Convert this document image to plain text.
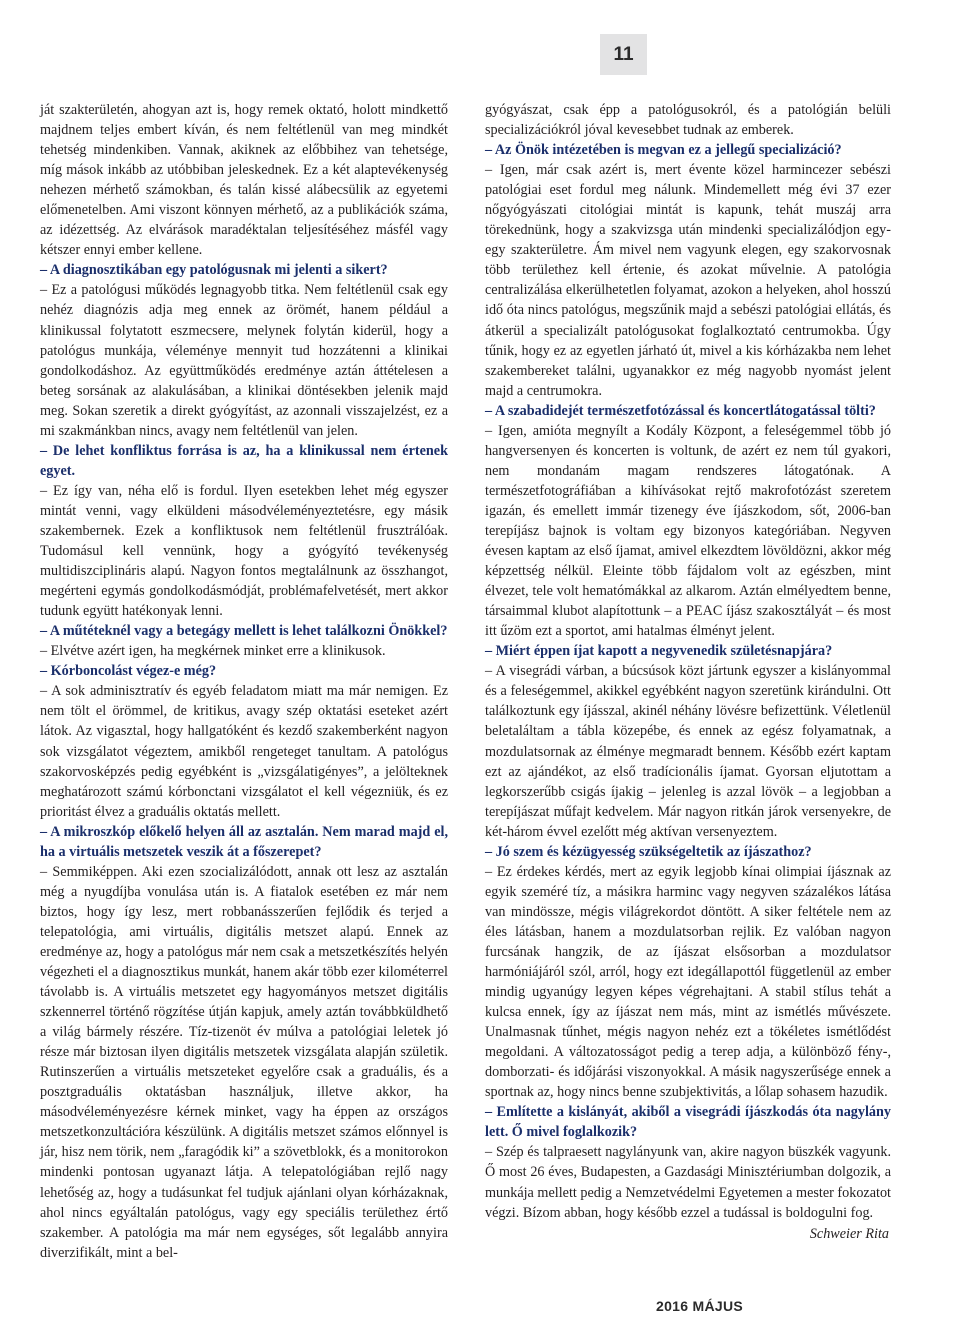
11

ját szakterületén, ahogyan azt is, hogy remek oktató, holott mindkettő majdnem teljes embert kíván, és nem feltétlenül van meg mindkét tehetség mindenkiben. Vannak, akiknek az előbbihez van tehetsége, míg mások inkább az utóbbiban jeleskednek. Ez a két alaptevékenység nehezen mérhető számokban, és talán kissé alábecsülik az egyetemi előmenetelben. Ami viszont könnyen mérhető, az a publikációk száma, az idézettség. Az elvárások maradéktalan teljesítéséhez másfél vagy kétszer ennyi ember kellene.

– A diagnosztikában egy patológusnak mi jelenti a sikert?

– Ez a patológusi működés legnagyobb titka. Nem feltétlenül csak egy nehéz diagnózis adja meg ennek az örömét, hanem például a klinikussal folytatott eszmecsere, melynek folytán kiderül, hogy a patológus munkája, véleménye mennyit tud hozzátenni a klinikai gondolkodáshoz. Az együttműködés eredménye aztán áttételesen a beteg sorsának az alakulásában, a klinikai döntésekben jelenik majd meg. Sokan szeretik a direkt gyógyítást, az azonnali visszajelzést, ez a mi szakmánkban nincs, avagy nem feltétlenül van jelen.

– De lehet konfliktus forrása is az, ha a klinikussal nem értenek egyet.

– Ez így van, néha elő is fordul. Ilyen esetekben lehet még egyszer mintát venni, vagy elküldeni másodvéleményeztetésre, egy másik szakembernek. Ezek a konfliktusok nem feltétlenül frusztrálóak. Tudomásul kell vennünk, hogy a gyógyító tevékenység multidiszciplináris alapú. Nagyon fontos megtalálnunk az összhangot, megérteni egymás gondolkodásmódját, problémafelvetését, mert akkor tudunk együtt hatékonyak lenni.

– A műtéteknél vagy a betegágy mellett is lehet találkozni Önökkel?

– Elvétve azért igen, ha megkérnek minket erre a klinikusok.

– Kórboncolást végez-e még?

– A sok adminisztratív és egyéb feladatom miatt ma már nemigen. Ez nem tölt el örömmel, de kritikus, avagy szép oktatási eseteket azért látok. Az vigasztal, hogy hallgatóként és kezdő szakemberként nagyon sok vizsgálatot végeztem, amikből rengeteget tanultam. A patológus szakorvosképzés pedig egyébként is „vizsgálatigényes”, a jelölteknek meghatározott számú kórbonctani vizsgálatot el kell végezniük, és ez prioritást élvez a graduális oktatás mellett.

– A mikroszkóp előkelő helyen áll az asztalán. Nem marad majd el, ha a virtuális metszetek veszik át a főszerepet?

– Semmiképpen. Aki ezen szocializálódott, annak ott lesz az asztalán még a nyugdíjba vonulása után is. A fiatalok esetében ez már nem biztos, hogy így lesz, mert robbanásszerűen fejlődik és terjed a telepatológia, ami virtuális, digitális metszet alapú. Ennek az eredménye az, hogy a patológus már nem csak a metszetkészítés helyén végezheti el a diagnosztikus munkát, hanem akár több ezer kilométerrel távolabb is. A virtuális metszetet egy hagyományos metszet digitális szkennerrel történő rögzítése útján kapjuk, amely aztán továbbküldhető a világ bármely részére. Tíz-tizenöt év múlva a patológiai leletek jó része már biztosan ilyen digitális metszetek vizsgálata alapján születik. Rutinszerűen a virtuális metszeteket egyelőre csak a graduális, és a posztgraduális oktatásban használjuk, illetve akkor, ha másodvéleményezésre kérnek minket, vagy ha éppen az országos metszetkonzultációra készülünk. A digitális metszet számos előnnyel is jár, hisz nem törik, nem „faragódik ki” a szövetblokk, és a monitorokon mindenki pontosan ugyanazt látja. A telepatológiában rejlő nagy lehetőség az, hogy a tudásunkat fel tudjuk ajánlani olyan kórházaknak, ahol nincs egyáltalán patológus, vagy egy speciális területhez értő szakember. A patológia ma már nem egységes, sőt legalább annyira diverzifikált, mint a bel-

gyógyászat, csak épp a patológusokról, és a patológián belüli specializációkról jóval kevesebbet tudnak az emberek.

– Az Önök intézetében is megvan ez a jellegű specializáció?

– Igen, már csak azért is, mert évente közel harmincezer sebészi patológiai eset fordul meg nálunk. Mindemellett még évi 37 ezer nőgyógyászati citológiai mintát is kapunk, tehát muszáj arra törekednünk, hogy a szakvizsga után mindenki specializálódjon egy-egy szakterületre. Ám mivel nem vagyunk elegen, egy szakorvosnak több területhez kell értenie, és azokat művelnie. A patológia centralizálása elkerülhetetlen folyamat, azokon a helyeken, ahol hosszú idő óta nincs patológus, megszűnik majd a sebészi patológiai ellátás, és átkerül a specializált patológusokat foglalkoztató centrumokba. Úgy tűnik, hogy ez az egyetlen járható út, mivel a kis kórházakba nem lehet szakembereket találni, ugyanakkor ez még nagyobb nyomást jelent majd a centrumokra.

– A szabadidejét természetfotózással és koncertlátogatással tölti?

– Igen, amióta megnyílt a Kodály Központ, a feleségemmel több jó hangversenyen és koncerten is voltunk, de azért ez nem túl gyakori, nem mondanám magam rendszeres látogatónak. A természetfotográfiában a kihívásokat rejtő makrofotózást szeretem igazán, és emellett immár tizenegy éve íjászkodom, sőt, 2006-ban terepíjász bajnok is voltam egy bizonyos kategóriában. Negyven évesen kaptam az első íjamat, amivel elkezdtem lövöldözni, akkor még képzettség nélkül. Eleinte több fájdalom volt az egészben, mint élvezet, tele volt hematómákkal az alkarom. Aztán elmélyedtem benne, társaimmal klubot alapítottunk – a PEAC íjász szakosztályát – és most itt űzöm ezt a sportot, ami hatalmas élményt jelent.

– Miért éppen íjat kapott a negyvenedik születésnapjára?

– A visegrádi várban, a búcsúsok közt jártunk egyszer a kislányommal és a feleségemmel, akikkel egyébként nagyon szeretünk kirándulni. Ott találkoztunk egy íjásszal, akinél néhány lövésre befizettünk. Véletlenül beletaláltam a tábla közepébe, és ennek az egész folyamatnak, a mozdulatsornak az élménye megmaradt bennem. Később ezért kaptam ezt az ajándékot, az első tradícionális íjamat. Gyorsan eljutottam a legkorszerűbb csigás íjakig – jelenleg is azzal lövök – a legjobban a terepíjászat műfajt kedvelem. Már nagyon ritkán járok versenyekre, de két-három évvel ezelőtt még aktívan versenyeztem.

– Jó szem és kézügyesség szükségeltetik az íjászathoz?

– Ez érdekes kérdés, mert az egyik legjobb kínai olimpiai íjásznak az egyik szeméré tíz, a másikra harminc vagy negyven százalékos látása van mindössze, mégis világrekordot döntött. A siker feltétele nem az éles látásban, hanem a mozdulatsorban rejlik. Ez valóban nagyon furcsának hangzik, de az íjászat elsősorban a mozdulatsor harmóniájáról szól, arról, hogy ezt idegállapottól függetlenül az ember mindig ugyanúgy legyen képes végrehajtani. A stabil stílus tehát a kulcsa ennek, így az íjászat nem más, mint az ismétlés művészete. Unalmasnak tűnhet, mégis nagyon nehéz ezt a tökéletes ismétlődést megoldani. A változatosságot pedig a terep adja, a különböző fény-, domborzati- és időjárási viszonyokkal. A másik nagyszerűsége ennek a sportnak az, hogy nincs benne szubjektivitás, a lőlap sohasem hazudik.

– Említette a kislányát, akiből a visegrádi íjászkodás óta nagylány lett. Ő mivel foglalkozik?

– Szép és talpraesett nagylányunk van, akire nagyon büszkék vagyunk. Ő most 26 éves, Budapesten, a Gazdasági Minisztériumban dolgozik, a munkája mellett pedig a Nemzetvédelmi Egyetemen a mester fokozatot végzi. Bízom abban, hogy később ezzel a tudással is boldogulni fog.

Schweier Rita

2016 MÁJUS
